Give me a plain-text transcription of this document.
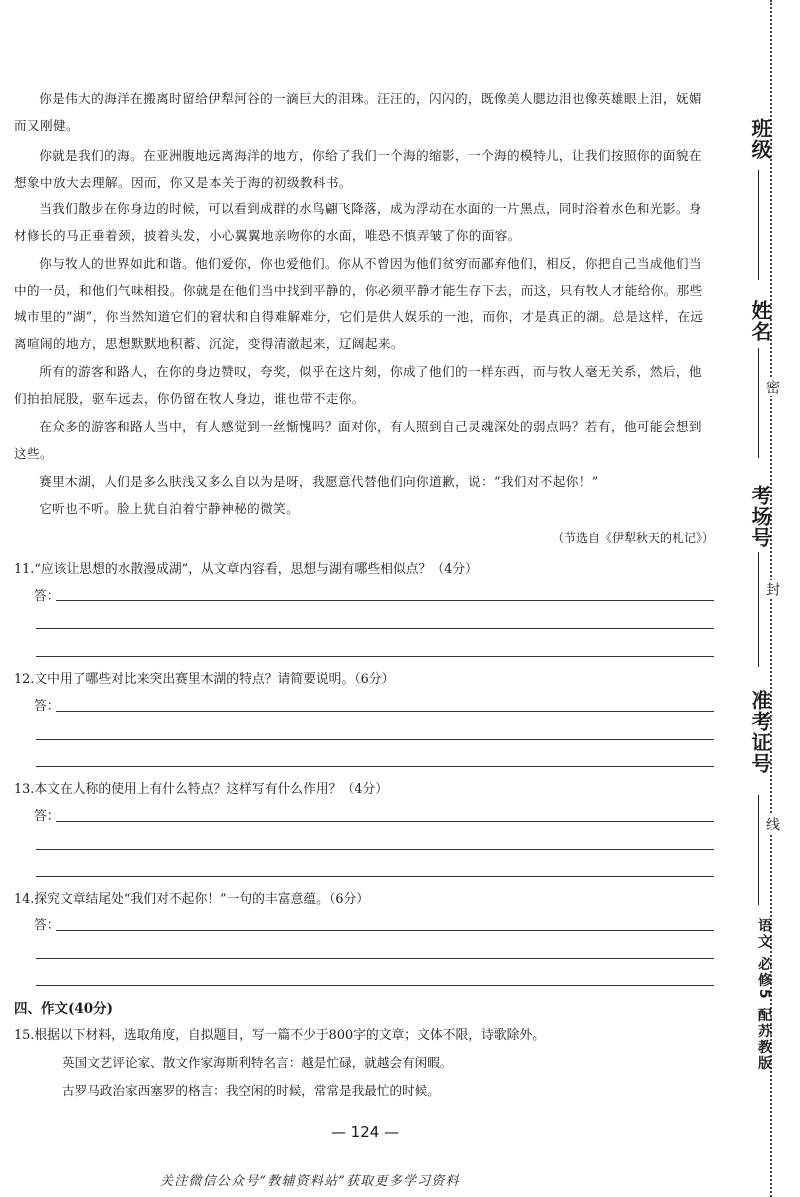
你是伟大的海洋在搬离时留给伊犁河谷的一滴巨大的泪珠。汪汪的，闪闪的，既像美人腮边泪也像英雄眼上泪，妩媚而又刚健。

你就是我们的海。在亚洲腹地远离海洋的地方，你给了我们一个海的缩影，一个海的模特儿，让我们按照你的面貌在想象中放大去理解。因而，你又是本关于海的初级教科书。

当我们散步在你身边的时候，可以看到成群的水鸟翩飞降落，成为浮动在水面的一片黑点，同时浴着水色和光影。身材修长的马正垂着颈，披着头发，小心翼翼地亲吻你的水面，唯恐不慎弄皱了你的面容。

你与牧人的世界如此和谐。他们爱你，你也爱他们。你从不曾因为他们贫穷而鄙弃他们，相反，你把自己当成他们当中的一员，和他们气味相投。你就是在他们当中找到平静的，你必须平静才能生存下去，而这，只有牧人才能给你。那些城市里的“湖”，你当然知道它们的窘状和自得难解难分，它们是供人娱乐的一池，而你，才是真正的湖。总是这样，在远离喧闹的地方，思想默默地积蓄、沉淀，变得清澈起来，辽阔起来。

所有的游客和路人，在你的身边赞叹，夸奖，似乎在这片刻，你成了他们的一样东西，而与牧人毫无关系，然后，他们拍拍屁股，驱车远去，你仍留在牧人身边，谁也带不走你。

在众多的游客和路人当中，有人感觉到一丝惭愧吗？面对你，有人照到自己灵魂深处的弱点吗？若有，他可能会想到这些。

赛里木湖，人们是多么肤浅又多么自以为是呀，我愿意代替他们向你道歉，说：“我们对不起你！”

它听也不听。脸上犹自泊着宁静神秘的微笑。

（节选自《伊犁秋天的札记》）

11.“应该让思想的水散漫成湖”，从文章内容看，思想与湖有哪些相似点？（4分）

答：

12.文中用了哪些对比来突出赛里木湖的特点？请简要说明。（6分）

答：

13.本文在人称的使用上有什么特点？这样写有什么作用？（4分）

答：

14.探究文章结尾处“我们对不起你！”一句的丰富意蕴。（6分）

答：
四、作文(40分)

15.根据以下材料，选取角度，自拟题目，写一篇不少于800字的文章；文体不限，诗歌除外。

英国文艺评论家、散文作家海斯利特名言：越是忙碌，就越会有闲暇。
古罗马政治家西塞罗的格言：我空闲的时候，常常是我最忙的时候。
— 124 —
关注微信公众号“教辅资料站”获取更多学习资料
班级
姓名
密
考场号
封
准考证号
线
语文 必修5 配苏教版
